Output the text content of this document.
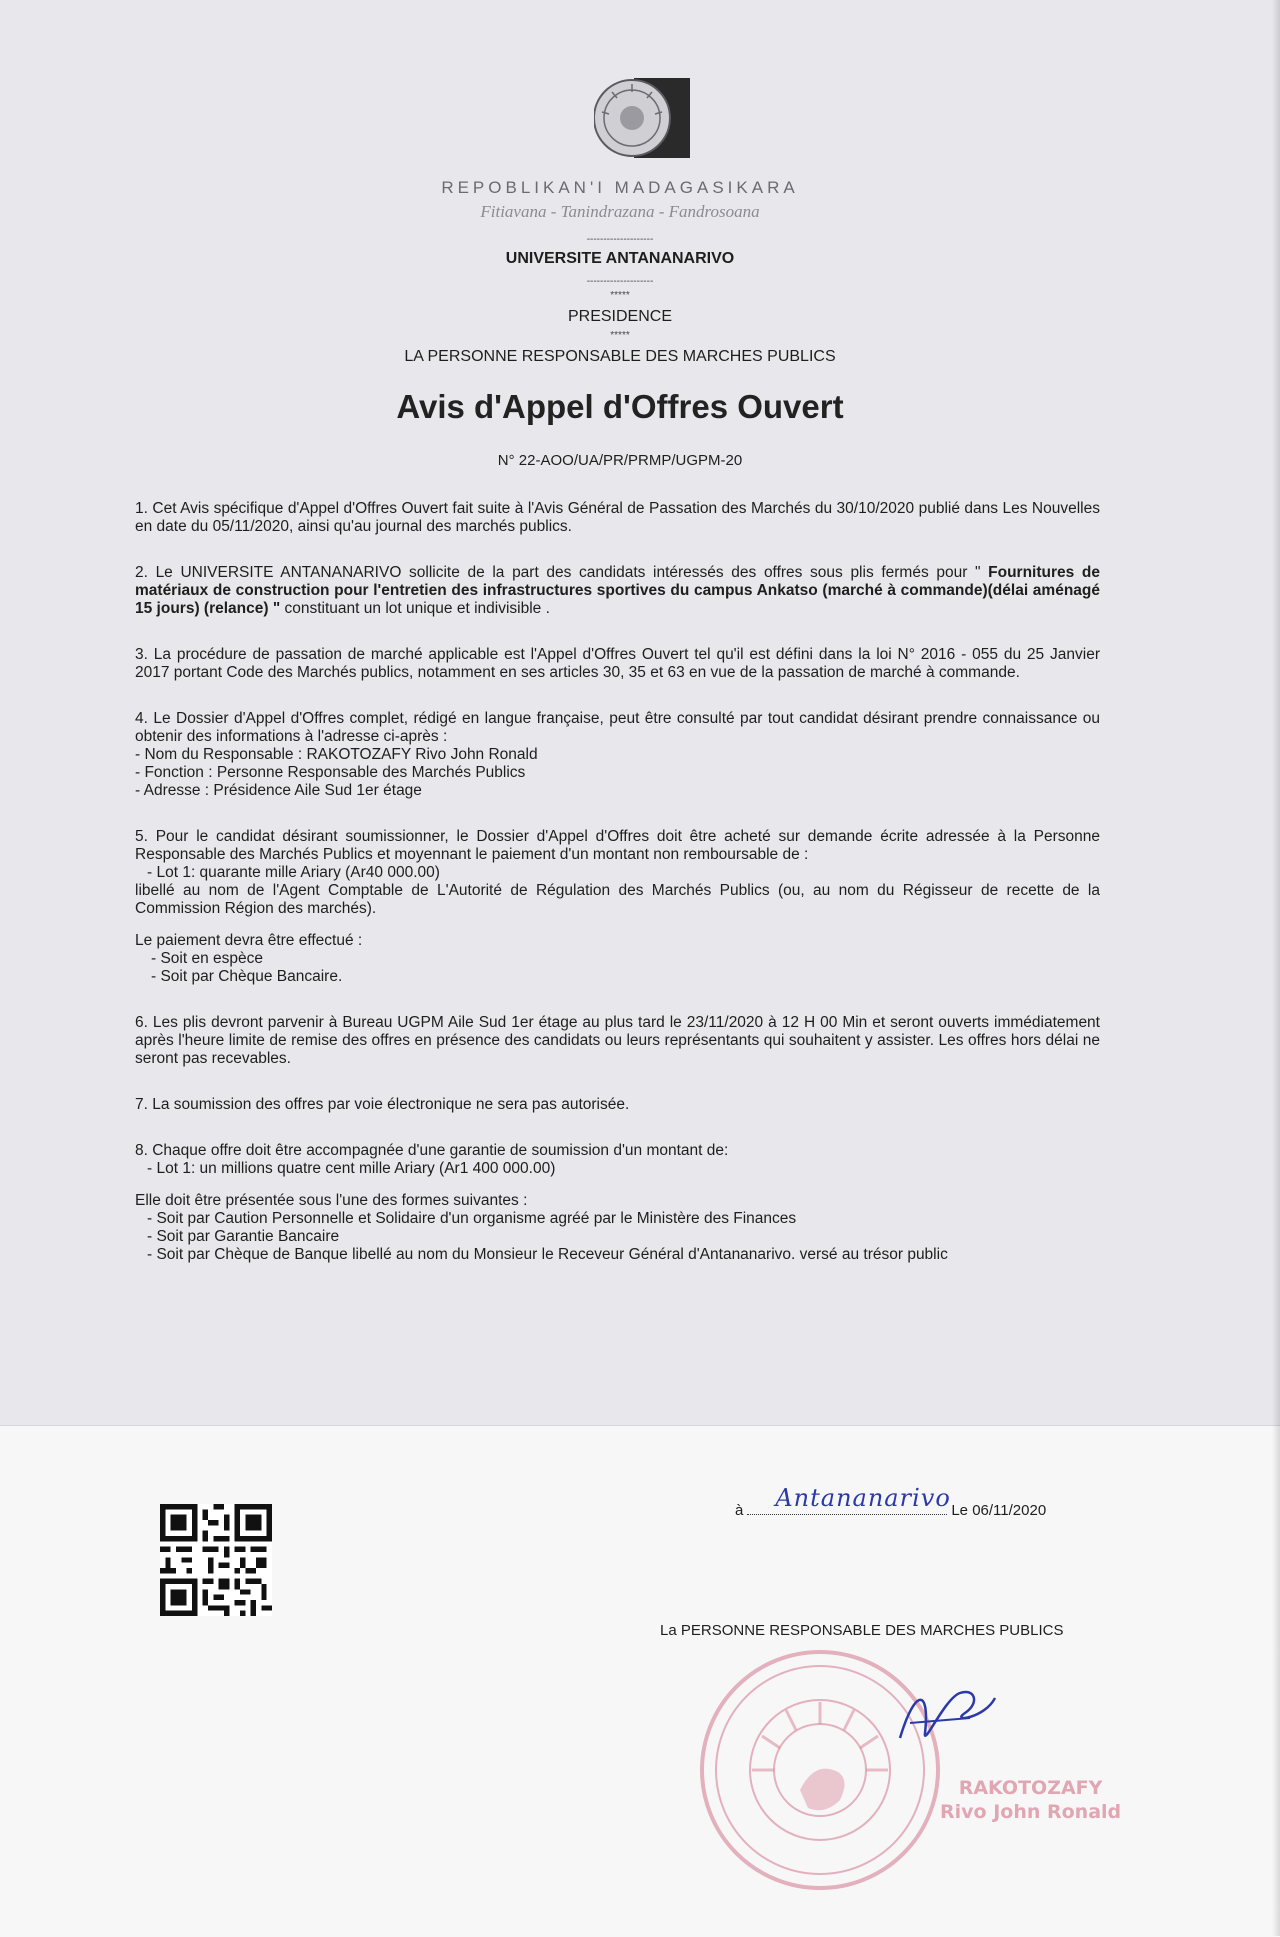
REPOBLIKAN'I MADAGASIKARA
Fitiavana - Tanindrazana - Fandrosoana
--------------------
UNIVERSITE ANTANANARIVO
--------------------
*****
PRESIDENCE
*****
LA PERSONNE RESPONSABLE DES MARCHES PUBLICS
Avis d'Appel d'Offres Ouvert
N° 22-AOO/UA/PR/PRMP/UGPM-20

1. Cet Avis spécifique d'Appel d'Offres Ouvert fait suite à l'Avis Général de Passation des Marchés du 30/10/2020 publié dans Les Nouvelles en date du 05/11/2020, ainsi qu'au journal des marchés publics.

2. Le UNIVERSITE ANTANANARIVO sollicite de la part des candidats intéressés des offres sous plis fermés pour " Fournitures de matériaux de construction pour l'entretien des infrastructures sportives du campus Ankatso (marché à commande)(délai aménagé 15 jours) (relance) " constituant un lot unique et indivisible .

3. La procédure de passation de marché applicable est l'Appel d'Offres Ouvert tel qu'il est défini dans la loi N° 2016 - 055 du 25 Janvier 2017 portant Code des Marchés publics, notamment en ses articles 30, 35 et 63 en vue de la passation de marché à commande.

4. Le Dossier d'Appel d'Offres complet, rédigé en langue française, peut être consulté par tout candidat désirant prendre connaissance ou obtenir des informations à l'adresse ci-après :

- Nom du Responsable : RAKOTOZAFY Rivo John Ronald

- Fonction : Personne Responsable des Marchés Publics

- Adresse : Présidence Aile Sud 1er étage

5. Pour le candidat désirant soumissionner, le Dossier d'Appel d'Offres doit être acheté sur demande écrite adressée à la Personne Responsable des Marchés Publics et moyennant le paiement d'un montant non remboursable de :

- Lot 1: quarante mille Ariary (Ar40 000.00)

libellé au nom de l'Agent Comptable de L'Autorité de Régulation des Marchés Publics (ou, au nom du Régisseur de recette de la Commission Région des marchés).

Le paiement devra être effectué :

- Soit en espèce

- Soit par Chèque Bancaire.

6. Les plis devront parvenir à Bureau UGPM Aile Sud 1er étage au plus tard le 23/11/2020 à 12 H 00 Min et seront ouverts immédiatement après l'heure limite de remise des offres en présence des candidats ou leurs représentants qui souhaitent y assister. Les offres hors délai ne seront pas recevables.

7. La soumission des offres par voie électronique ne sera pas autorisée.

8. Chaque offre doit être accompagnée d'une garantie de soumission d'un montant de:

- Lot 1: un millions quatre cent mille Ariary (Ar1 400 000.00)

Elle doit être présentée sous l'une des formes suivantes :

- Soit par Caution Personnelle et Solidaire d'un organisme agréé par le Ministère des Finances

- Soit par Garantie Bancaire

- Soit par Chèque de Banque libellé au nom du Monsieur le Receveur Général d'Antananarivo. versé au trésor public

à Antananarivo Le 06/11/2020
La PERSONNE RESPONSABLE DES MARCHES PUBLICS
RAKOTOZAFY
Rivo John Ronald
